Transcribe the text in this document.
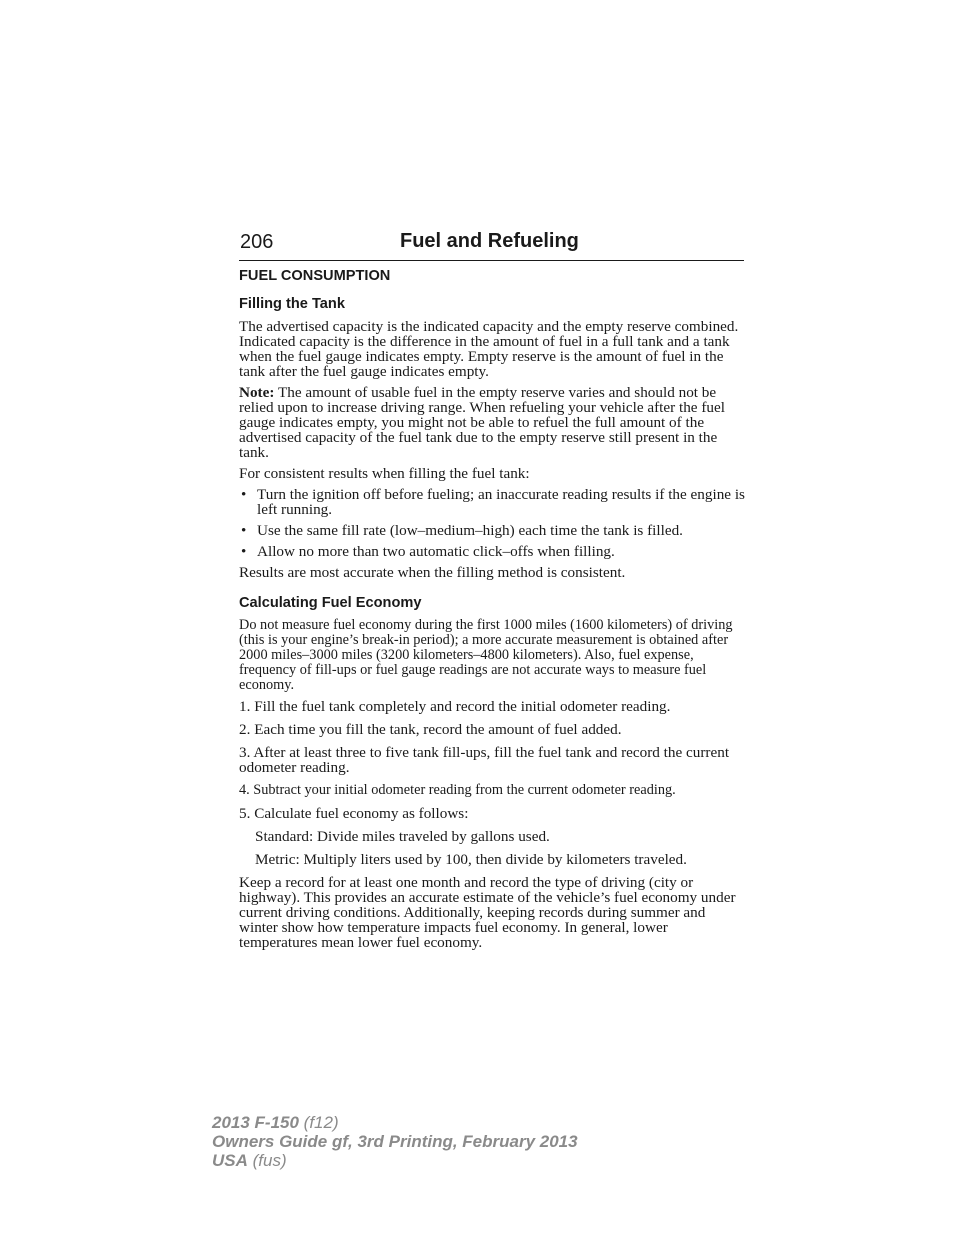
206	Fuel and Refueling
FUEL CONSUMPTION
Filling the Tank

The advertised capacity is the indicated capacity and the empty reserve combined. Indicated capacity is the difference in the amount of fuel in a full tank and a tank when the fuel gauge indicates empty. Empty reserve is the amount of fuel in the tank after the fuel gauge indicates empty.

Note: The amount of usable fuel in the empty reserve varies and should not be relied upon to increase driving range. When refueling your vehicle after the fuel gauge indicates empty, you might not be able to refuel the full amount of the advertised capacity of the fuel tank due to the empty reserve still present in the tank.

For consistent results when filling the fuel tank:

• Turn the ignition off before fueling; an inaccurate reading results if the engine is left running.
• Use the same fill rate (low–medium–high) each time the tank is filled.
• Allow no more than two automatic click–offs when filling.

Results are most accurate when the filling method is consistent.

Calculating Fuel Economy

Do not measure fuel economy during the first 1000 miles (1600 kilometers) of driving (this is your engine’s break-in period); a more accurate measurement is obtained after 2000 miles–3000 miles (3200 kilometers–4800 kilometers). Also, fuel expense, frequency of fill-ups or fuel gauge readings are not accurate ways to measure fuel economy.

1. Fill the fuel tank completely and record the initial odometer reading.

2. Each time you fill the tank, record the amount of fuel added.

3. After at least three to five tank fill-ups, fill the fuel tank and record the current odometer reading.

4. Subtract your initial odometer reading from the current odometer reading.

5. Calculate fuel economy as follows:

Standard: Divide miles traveled by gallons used.

Metric: Multiply liters used by 100, then divide by kilometers traveled.

Keep a record for at least one month and record the type of driving (city or highway). This provides an accurate estimate of the vehicle’s fuel economy under current driving conditions. Additionally, keeping records during summer and winter show how temperature impacts fuel economy. In general, lower temperatures mean lower fuel economy.

2013 F-150 (f12)
Owners Guide gf, 3rd Printing, February 2013
USA (fus)
